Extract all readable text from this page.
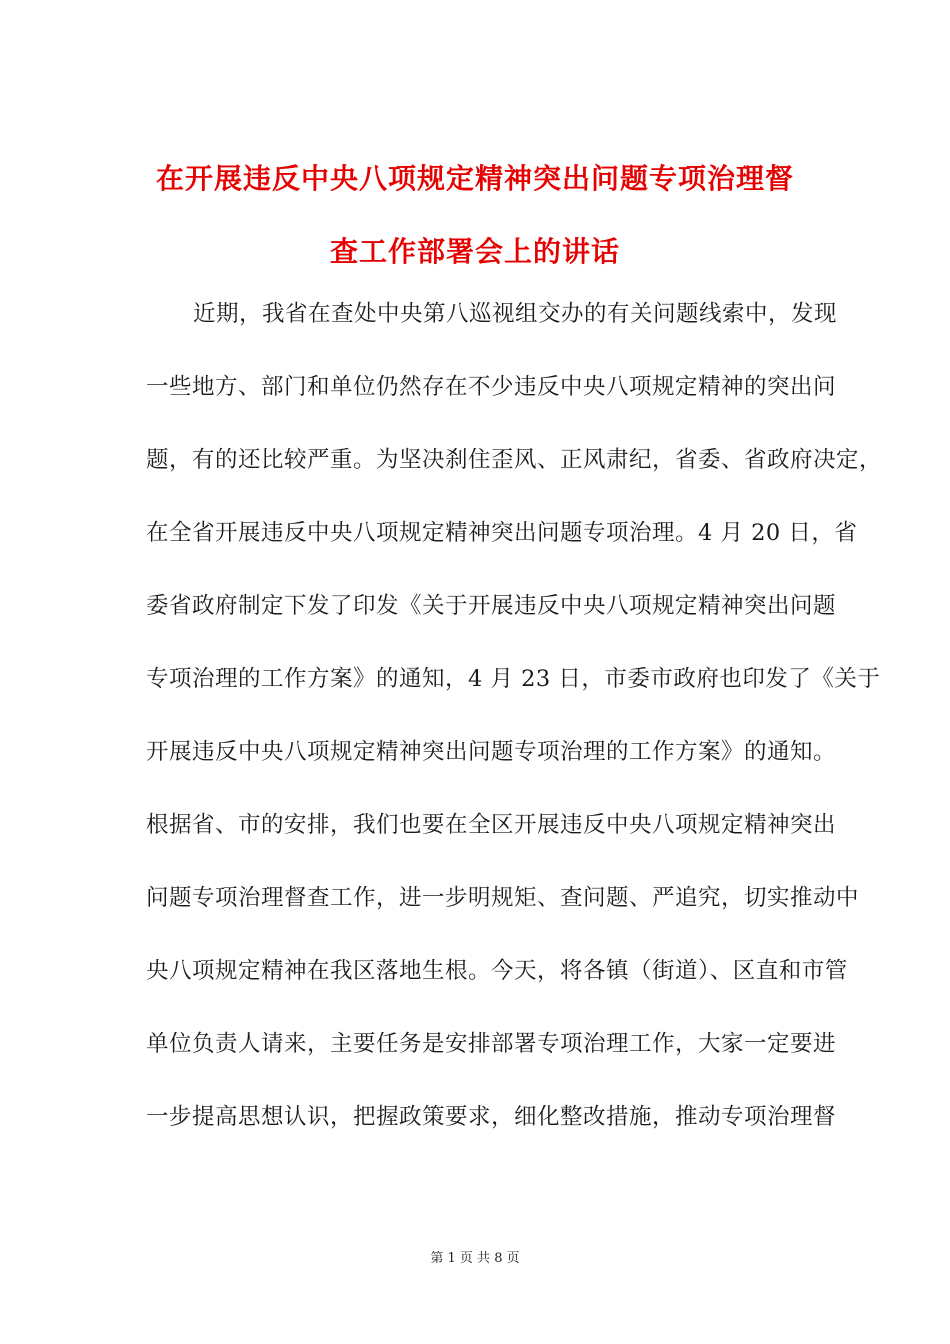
在开展违反中央八项规定精神突出问题专项治理督
查工作部署会上的讲话
近期，我省在查处中央第八巡视组交办的有关问题线索中，发现
一些地方、部门和单位仍然存在不少违反中央八项规定精神的突出问
题，有的还比较严重。为坚决刹住歪风、正风肃纪，省委、省政府决定，
在全省开展违反中央八项规定精神突出问题专项治理。4 月 20 日，省
委省政府制定下发了印发《关于开展违反中央八项规定精神突出问题
专项治理的工作方案》的通知，4 月 23 日，市委市政府也印发了《关于
开展违反中央八项规定精神突出问题专项治理的工作方案》的通知。
根据省、市的安排，我们也要在全区开展违反中央八项规定精神突出
问题专项治理督查工作，进一步明规矩、查问题、严追究，切实推动中
央八项规定精神在我区落地生根。今天，将各镇（街道）、区直和市管
单位负责人请来，主要任务是安排部署专项治理工作，大家一定要进
一步提高思想认识，把握政策要求，细化整改措施，推动专项治理督
第 1 页 共 8 页
